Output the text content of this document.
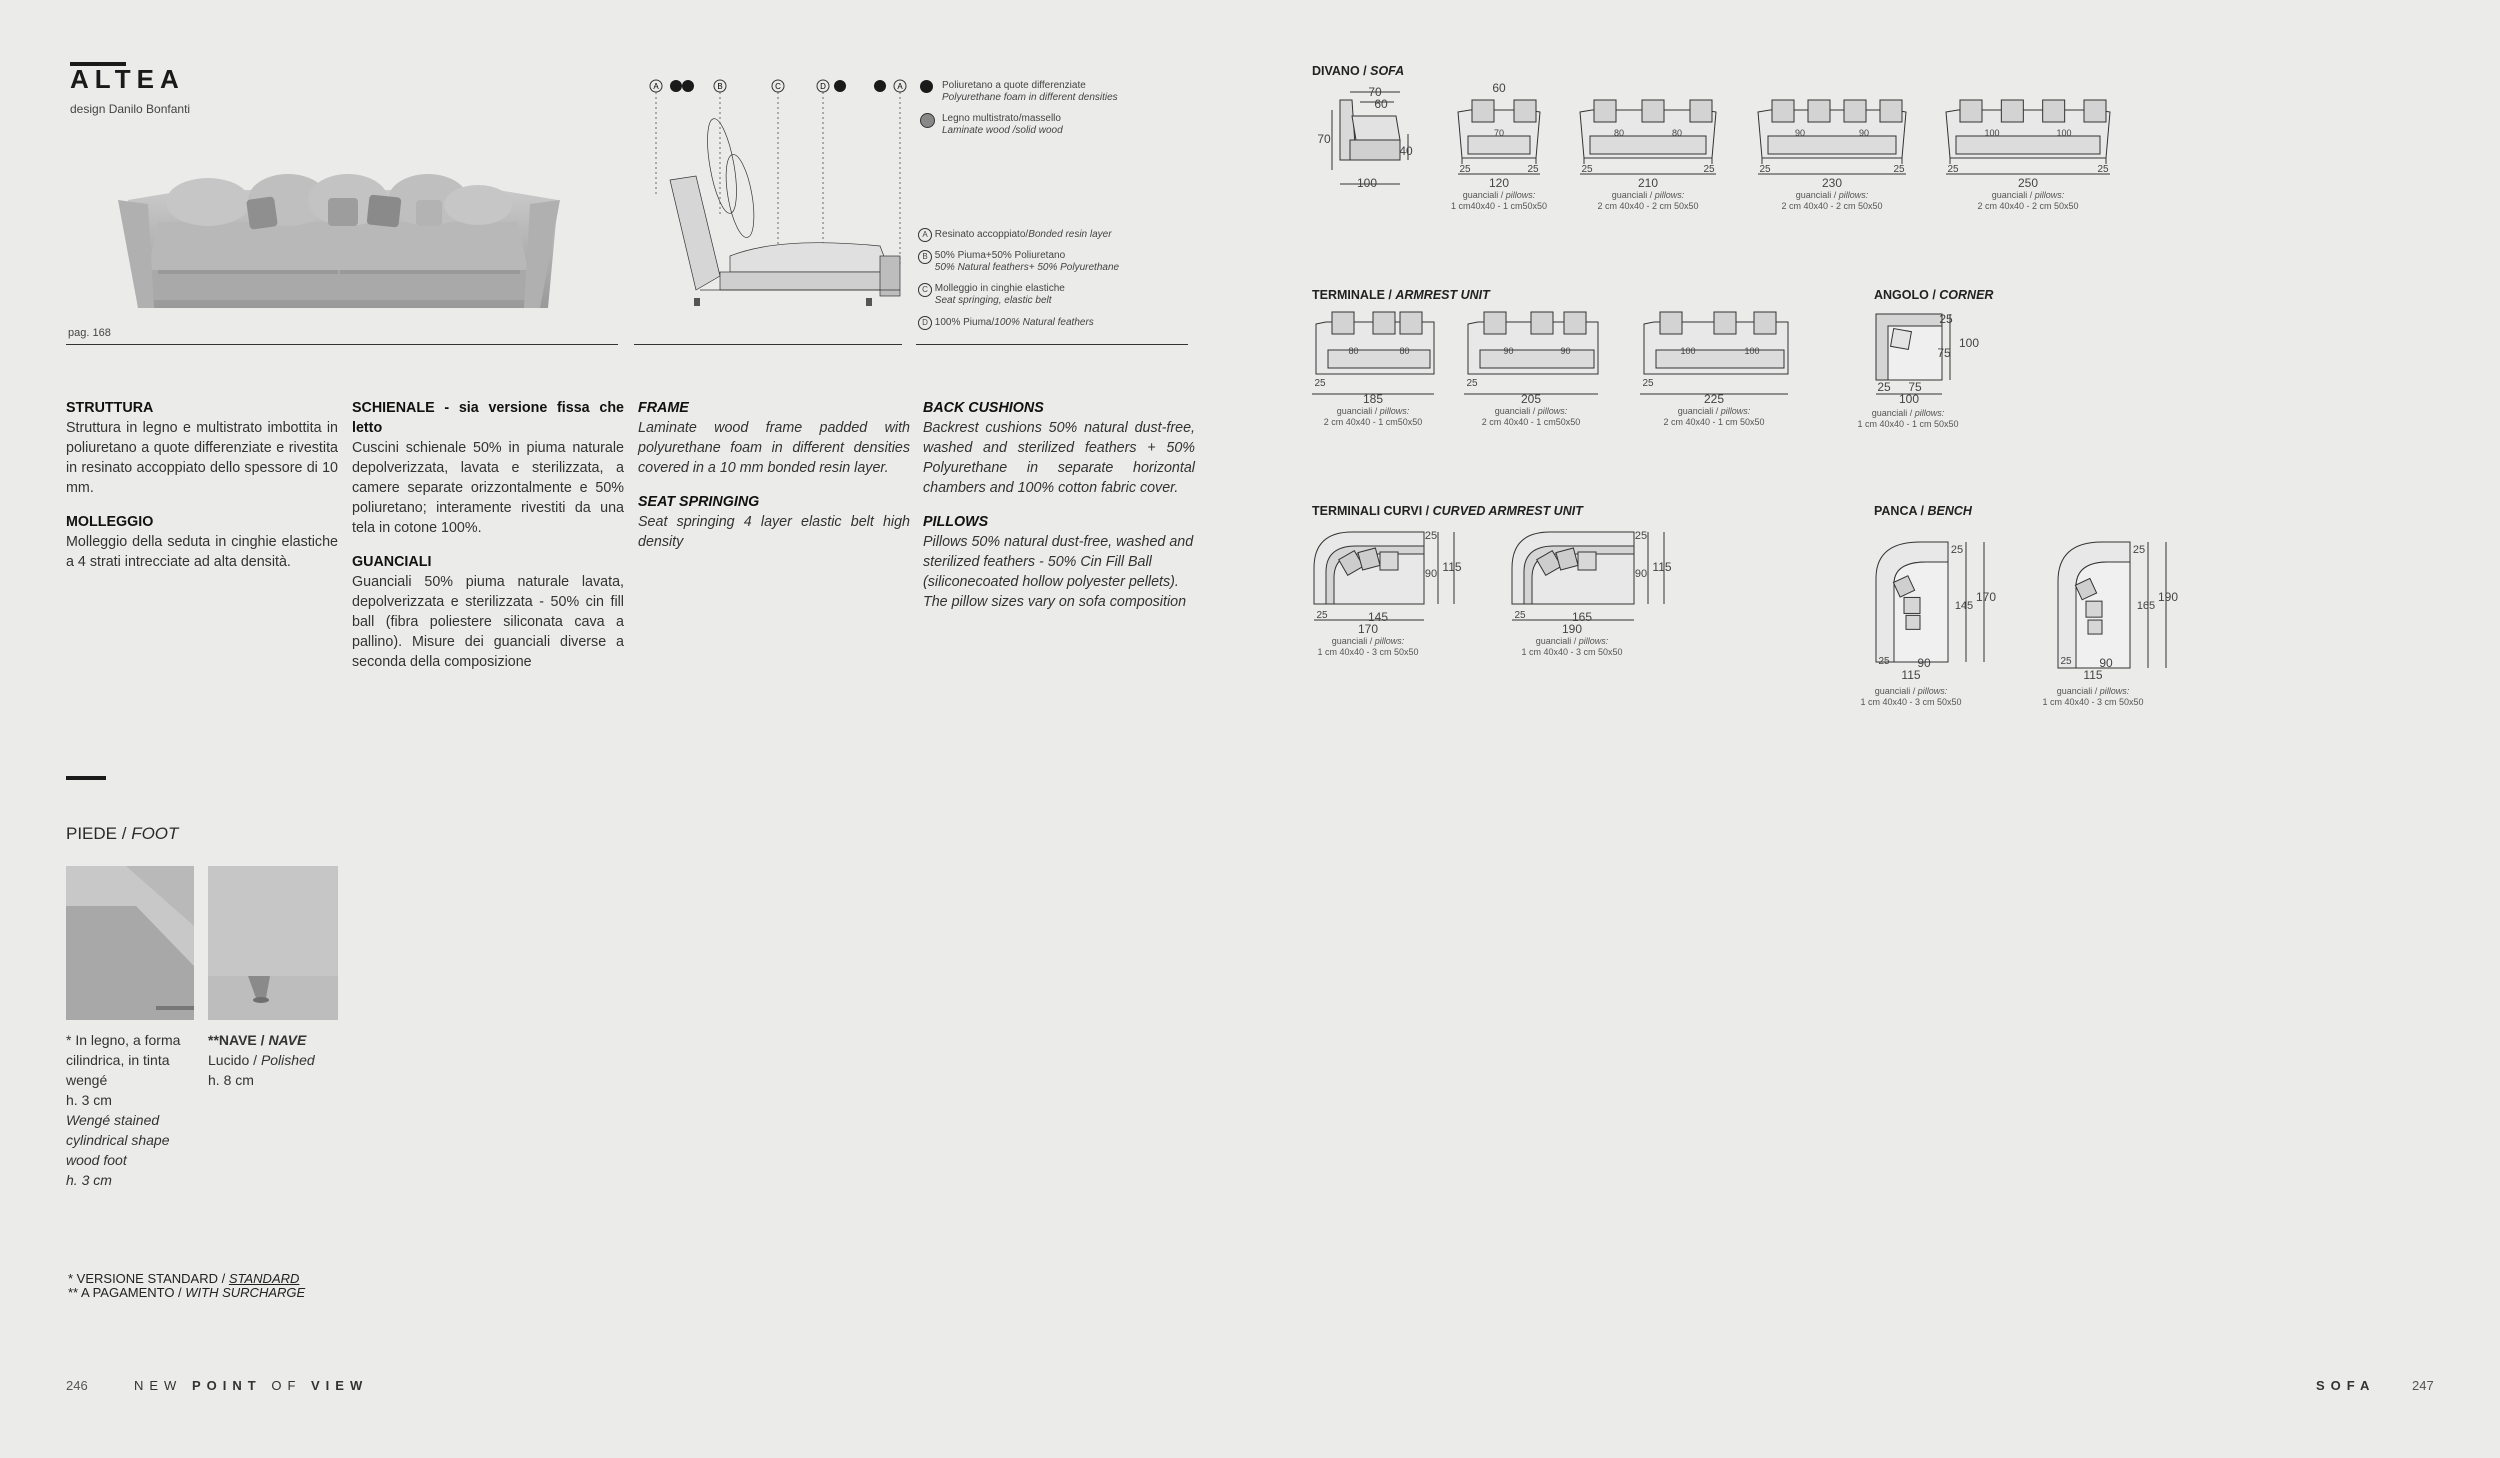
ALTEA
design Danilo Bonfanti
pag. 168
A	B	C	D	A	Poliuretano a quote differenziate
Polyurethane foam in different densities
Legno multistrato/massello
Laminate wood /solid wood
A Resinato accoppiato/Bonded resin layer
B 50% Piuma+50% Poliuretano
50% Natural feathers+ 50% Polyurethane
C Molleggio in cinghie elastiche
Seat springing, elastic belt
D 100% Piuma/100% Natural feathers

STRUTTURA

Struttura in legno e multistrato imbottita in poliuretano a quote differenziate e rivestita in resinato accoppiato dello spessore di 10 mm.

MOLLEGGIO

Molleggio della seduta in cinghie elastiche a 4 strati intrecciate ad alta densità.

SCHIENALE - sia versione fissa che letto

Cuscini schienale 50% in piuma naturale depolverizzata, lavata e sterilizzata, a camere separate orizzontalmente e 50% poliuretano; interamente rivestiti da una tela in cotone 100%.

GUANCIALI

Guanciali 50% piuma naturale lavata, depolverizzata e sterilizzata - 50% cin fill ball (fibra poliestere siliconata cava a pallino). Misure dei guanciali diverse a seconda della composizione

FRAME

Laminate wood frame padded with polyurethane foam in different densities covered in a 10 mm bonded resin layer.

SEAT SPRINGING

Seat springing 4 layer elastic belt high density

BACK CUSHIONS

Backrest cushions 50% natural dust-free, washed and sterilized feathers + 50% Polyurethane in separate horizontal chambers and 100% cotton fabric cover.

PILLOWS

Pillows 50% natural dust-free, washed and sterilized feathers - 50% Cin Fill Ball (siliconecoated hollow polyester pellets). The pillow sizes vary on sofa composition

PIEDE / FOOT
* In legno, a forma cilindrica, in tinta wengé
h. 3 cm
Wengé stained cylindrical shape wood foot
h. 3 cm
**NAVE / NAVE
Lucido / Polished
h. 8 cm
* VERSIONE STANDARD / STANDARD
** A PAGAMENTO / WITH SURCHARGE
246	NEW POINT OF VIEW	SOFA	247
DIVANO / SOFA
70
60
70
40
100
60
TERMINALE / ARMREST UNIT	ANGOLO / CORNER
25
75
100
25	75
100
guanciali / pillows:
1 cm 40x40 - 1 cm 50x50
TERMINALI CURVI / CURVED ARMREST UNIT	PANCA / BENCH
70
25	25
120
guanciali / pillows:
1 cm40x40 - 1 cm50x50
80	80
25	25
210
guanciali / pillows:
2 cm 40x40 - 2 cm 50x50
90	90
25	25
230
guanciali / pillows:
2 cm 40x40 - 2 cm 50x50
100	100
25	25
250
guanciali / pillows:
2 cm 40x40 - 2 cm 50x50
80	80
25
185
guanciali / pillows:
2 cm 40x40 - 1 cm50x50
90	90
25
205
guanciali / pillows:
2 cm 40x40 - 1 cm50x50
100	100
25
225
guanciali / pillows:
2 cm 40x40 - 1 cm 50x50
25
90 115
25	145
170
guanciali / pillows:
1 cm 40x40 - 3 cm 50x50
25
90 115
25	165
190
guanciali / pillows:
1 cm 40x40 - 3 cm 50x50
25
145
170
25	90
115
guanciali / pillows:
1 cm 40x40 - 3 cm 50x50
25
165
190
25	90
115
guanciali / pillows:
1 cm 40x40 - 3 cm 50x50
